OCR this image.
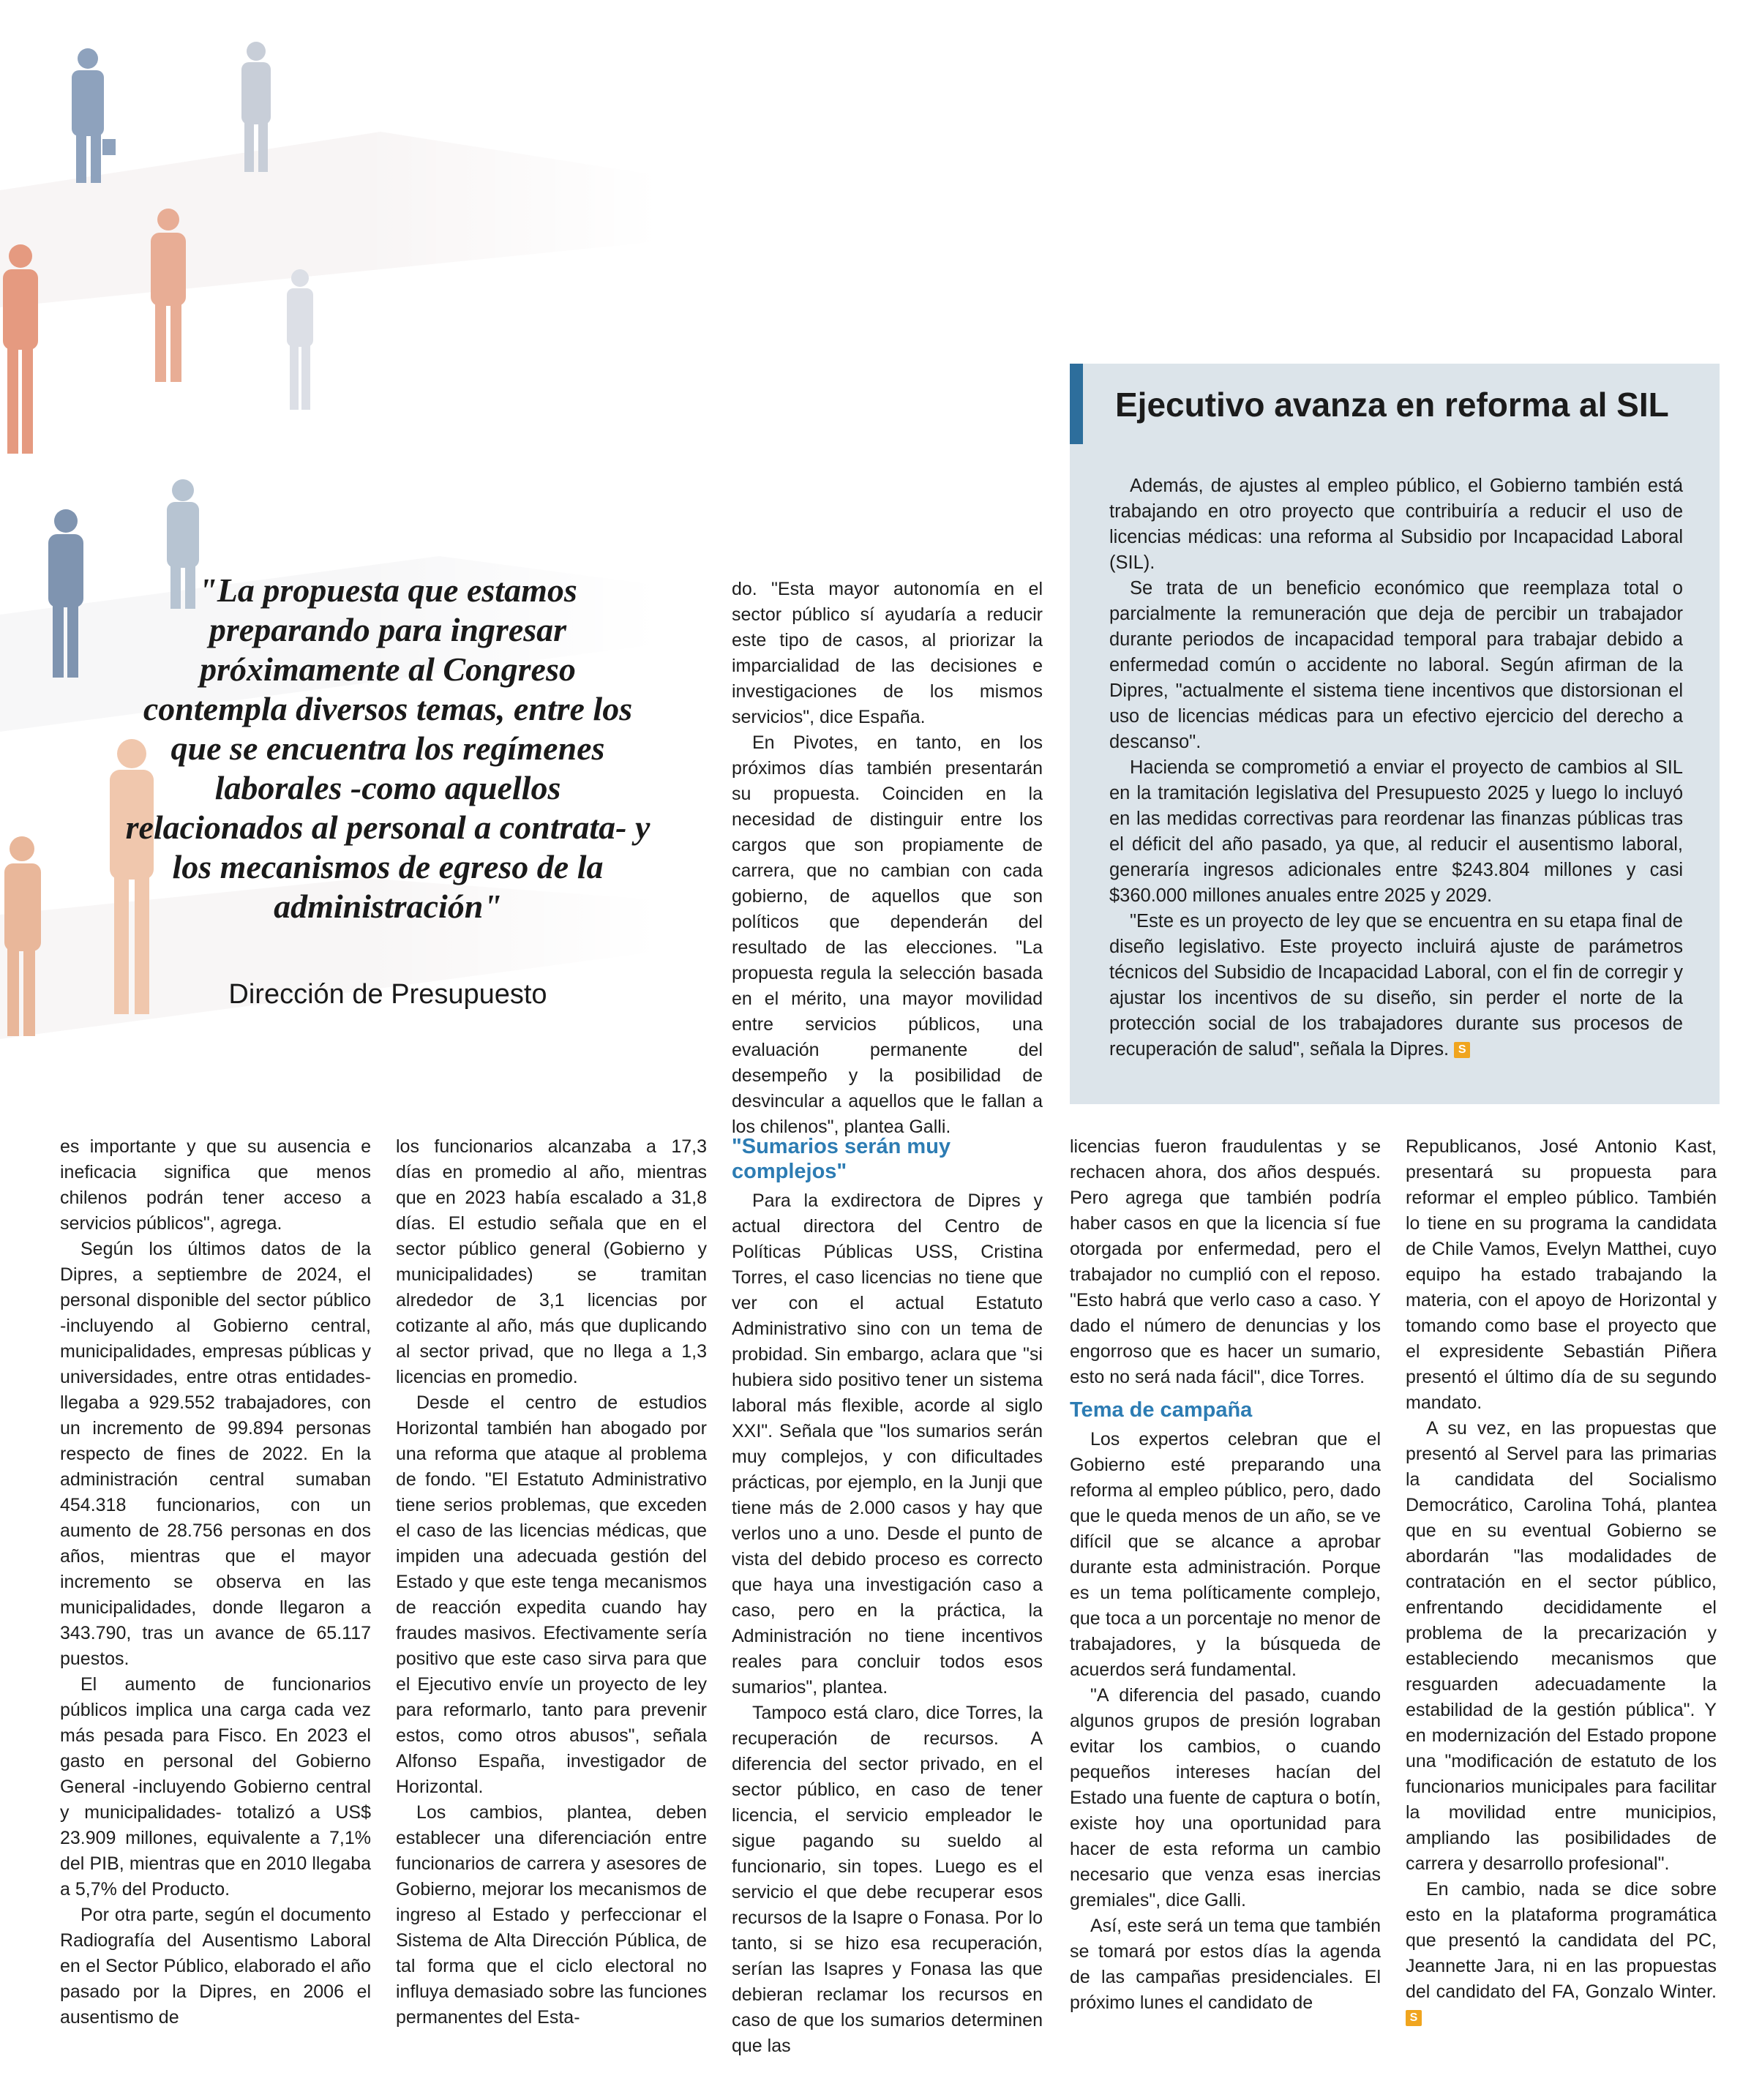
"La propuesta que estamos preparando para ingresar próximamente al Congreso contempla diversos temas, entre los que se encuentra los regímenes laborales -como aquellos relacionados al personal a contrata- y los mecanismos de egreso de la administración"

Dirección de Presupuesto

do. "Esta mayor autonomía en el sector público sí ayudaría a reducir este tipo de casos, al priorizar la imparcialidad de las decisiones e investigaciones de los mismos servicios", dice España.

En Pivotes, en tanto, en los próximos días también presentarán su propuesta. Coinciden en la necesidad de distinguir entre los cargos que son propiamente de carrera, que no cambian con cada gobierno, de aquellos que son políticos que dependerán del resultado de las elecciones. "La propuesta regula la selección basada en el mérito, una mayor movilidad entre servicios públicos, una evaluación permanente del desempeño y la posibilidad de desvincular a aquellos que le fallan a los chilenos", plantea Galli.

Ejecutivo avanza en reforma al SIL

Además, de ajustes al empleo público, el Gobierno también está trabajando en otro proyecto que contribuiría a reducir el uso de licencias médicas: una reforma al Subsidio por Incapacidad Laboral (SIL).

Se trata de un beneficio económico que reemplaza total o parcialmente la remuneración que deja de percibir un trabajador durante periodos de incapacidad temporal para trabajar debido a enfermedad común o accidente no laboral. Según afirman de la Dipres, "actualmente el sistema tiene incentivos que distorsionan el uso de licencias médicas para un efectivo ejercicio del derecho a descanso".

Hacienda se comprometió a enviar el proyecto de cambios al SIL en la tramitación legislativa del Presupuesto 2025 y luego lo incluyó en las medidas correctivas para reordenar las finanzas públicas tras el déficit del año pasado, ya que, al reducir el ausentismo laboral, generaría ingresos adicionales entre $243.804 millones y casi $360.000 millones anuales entre 2025 y 2029.

"Este es un proyecto de ley que se encuentra en su etapa final de diseño legislativo. Este proyecto incluirá ajuste de parámetros técnicos del Subsidio de Incapacidad Laboral, con el fin de corregir y ajustar los incentivos de su diseño, sin perder el norte de la protección social de los trabajadores durante sus procesos de recuperación de salud", señala la Dipres. S

es importante y que su ausencia e ineficacia significa que menos chilenos podrán tener acceso a servicios públicos", agrega.

Según los últimos datos de la Dipres, a septiembre de 2024, el personal disponible del sector público -incluyendo al Gobierno central, municipalidades, empresas públicas y universidades, entre otras entidades- llegaba a 929.552 trabajadores, con un incremento de 99.894 personas respecto de fines de 2022. En la administración central sumaban 454.318 funcionarios, con un aumento de 28.756 personas en dos años, mientras que el mayor incremento se observa en las municipalidades, donde llegaron a 343.790, tras un avance de 65.117 puestos.

El aumento de funcionarios públicos implica una carga cada vez más pesada para Fisco. En 2023 el gasto en personal del Gobierno General -incluyendo Gobierno central y municipalidades- totalizó a US$ 23.909 millones, equivalente a 7,1% del PIB, mientras que en 2010 llegaba a 5,7% del Producto.

Por otra parte, según el documento Radiografía del Ausentismo Laboral en el Sector Público, elaborado el año pasado por la Dipres, en 2006 el ausentismo de

los funcionarios alcanzaba a 17,3 días en promedio al año, mientras que en 2023 había escalado a 31,8 días. El estudio señala que en el sector público general (Gobierno y municipalidades) se tramitan alrededor de 3,1 licencias por cotizante al año, más que duplicando al sector privad, que no llega a 1,3 licencias en promedio.

Desde el centro de estudios Horizontal también han abogado por una reforma que ataque al problema de fondo. "El Estatuto Administrativo tiene serios problemas, que exceden el caso de las licencias médicas, que impiden una adecuada gestión del Estado y que este tenga mecanismos de reacción expedita cuando hay fraudes masivos. Efectivamente sería positivo que este caso sirva para que el Ejecutivo envíe un proyecto de ley para reformarlo, tanto para prevenir estos, como otros abusos", señala Alfonso España, investigador de Horizontal.

Los cambios, plantea, deben establecer una diferenciación entre funcionarios de carrera y asesores de Gobierno, mejorar los mecanismos de ingreso al Estado y perfeccionar el Sistema de Alta Dirección Pública, de tal forma que el ciclo electoral no influya demasiado sobre las funciones permanentes del Esta-

"Sumarios serán muy complejos"

Para la exdirectora de Dipres y actual directora del Centro de Políticas Públicas USS, Cristina Torres, el caso licencias no tiene que ver con el actual Estatuto Administrativo sino con un tema de probidad. Sin embargo, aclara que "si hubiera sido positivo tener un sistema laboral más flexible, acorde al siglo XXI". Señala que "los sumarios serán muy complejos, y con dificultades prácticas, por ejemplo, en la Junji que tiene más de 2.000 casos y hay que verlos uno a uno. Desde el punto de vista del debido proceso es correcto que haya una investigación caso a caso, pero en la práctica, la Administración no tiene incentivos reales para concluir todos esos sumarios", plantea.

Tampoco está claro, dice Torres, la recuperación de recursos. A diferencia del sector privado, en el sector público, en caso de tener licencia, el servicio empleador le sigue pagando su sueldo al funcionario, sin topes. Luego es el servicio el que debe recuperar esos recursos de la Isapre o Fonasa. Por lo tanto, si se hizo esa recuperación, serían las Isapres y Fonasa las que debieran reclamar los recursos en caso de que los sumarios determinen que las

licencias fueron fraudulentas y se rechacen ahora, dos años después. Pero agrega que también podría haber casos en que la licencia sí fue otorgada por enfermedad, pero el trabajador no cumplió con el reposo. "Esto habrá que verlo caso a caso. Y dado el número de denuncias y los engorroso que es hacer un sumario, esto no será nada fácil", dice Torres.

Tema de campaña

Los expertos celebran que el Gobierno esté preparando una reforma al empleo público, pero, dado que le queda menos de un año, se ve difícil que se alcance a aprobar durante esta administración. Porque es un tema políticamente complejo, que toca a un porcentaje no menor de trabajadores, y la búsqueda de acuerdos será fundamental.

"A diferencia del pasado, cuando algunos grupos de presión lograban evitar los cambios, o cuando pequeños intereses hacían del Estado una fuente de captura o botín, existe hoy una oportunidad para hacer de esta reforma un cambio necesario que venza esas inercias gremiales", dice Galli.

Así, este será un tema que también se tomará por estos días la agenda de las campañas presidenciales. El próximo lunes el candidato de

Republicanos, José Antonio Kast, presentará su propuesta para reformar el empleo público. También lo tiene en su programa la candidata de Chile Vamos, Evelyn Matthei, cuyo equipo ha estado trabajando la materia, con el apoyo de Horizontal y tomando como base el proyecto que el expresidente Sebastián Piñera presentó el último día de su segundo mandato.

A su vez, en las propuestas que presentó al Servel para las primarias la candidata del Socialismo Democrático, Carolina Tohá, plantea que en su eventual Gobierno se abordarán "las modalidades de contratación en el sector público, enfrentando decididamente el problema de la precarización y estableciendo mecanismos que resguarden adecuadamente la estabilidad de la gestión pública". Y en modernización del Estado propone una "modificación de estatuto de los funcionarios municipales para facilitar la movilidad entre municipios, ampliando las posibilidades de carrera y desarrollo profesional".

En cambio, nada se dice sobre esto en la plataforma programática que presentó la candidata del PC, Jeannette Jara, ni en las propuestas del candidato del FA, Gonzalo Winter. S
